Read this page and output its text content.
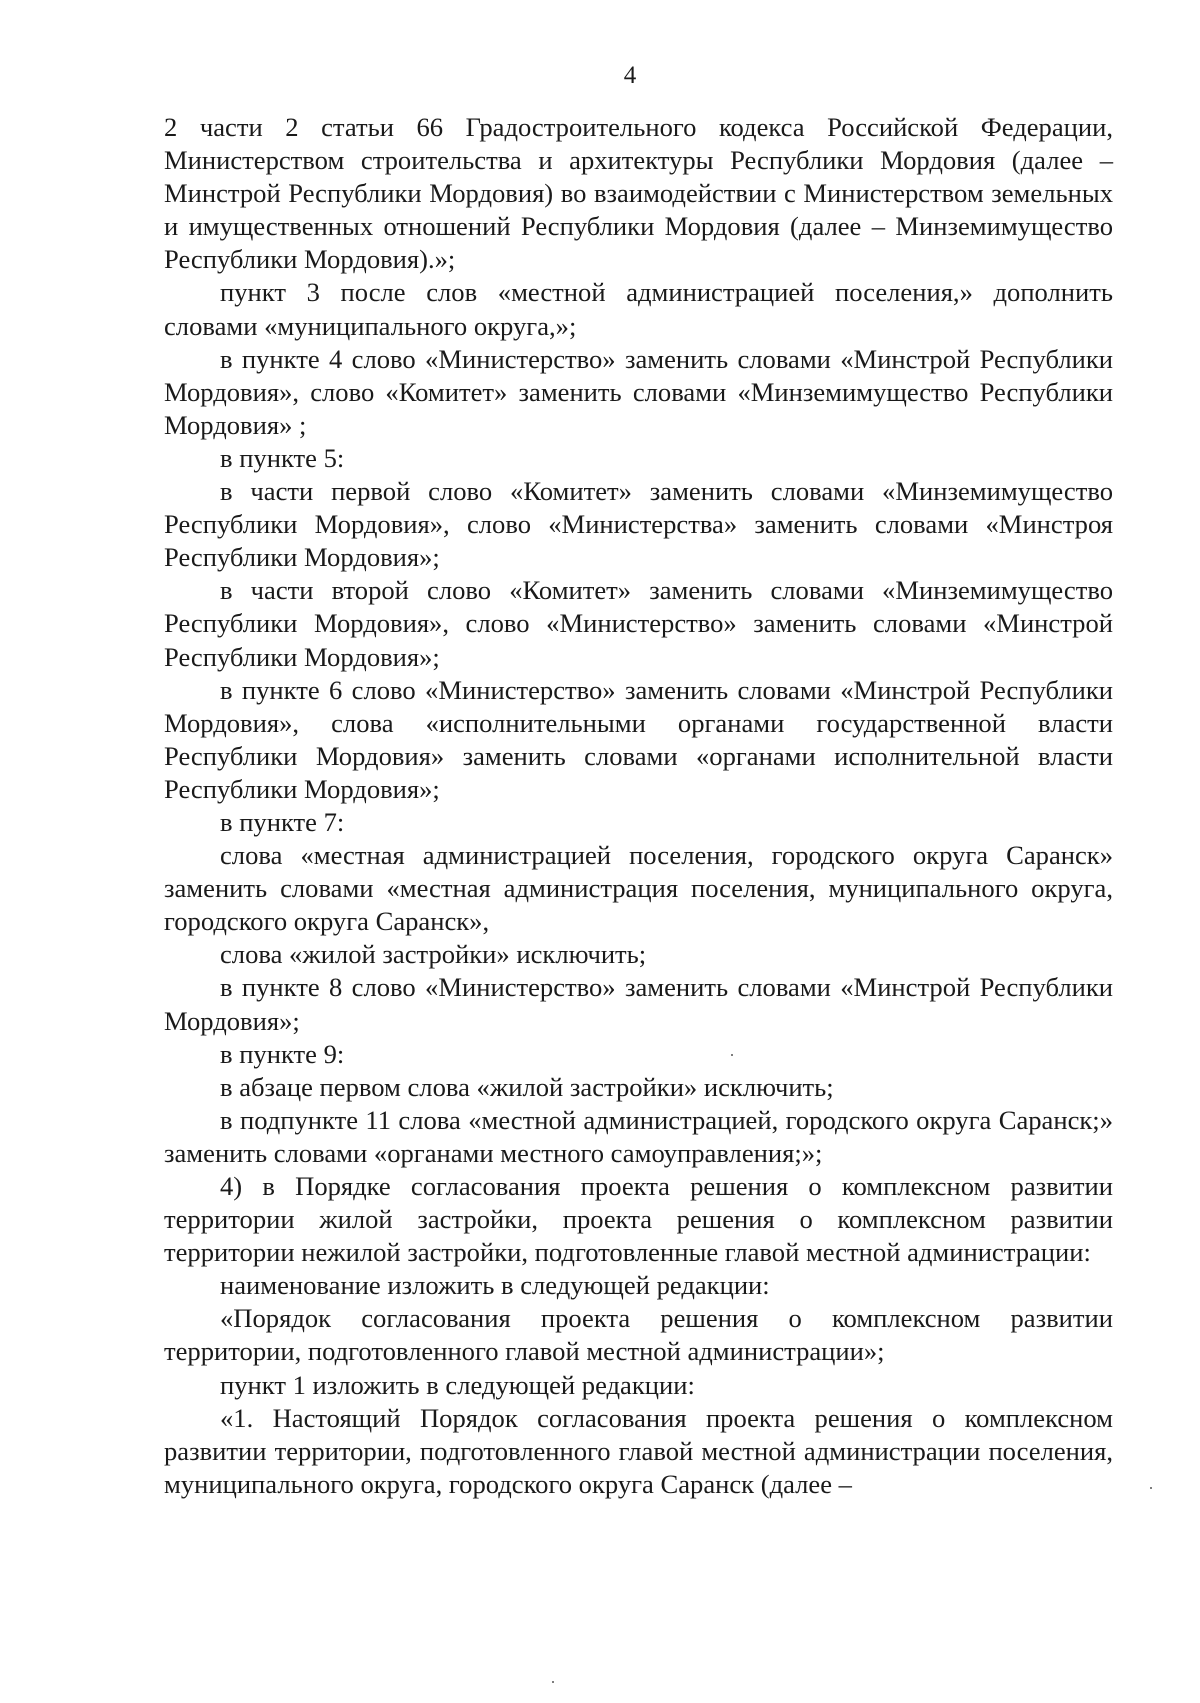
4

2 части 2 статьи 66 Градостроительного кодекса Российской Федерации, Министерством строительства и архитектуры Республики Мордовия (далее – Минстрой Республики Мордовия) во взаимодействии с Министерством земельных и имущественных отношений Республики Мордовия (далее – Минземимущество Республики Мордовия).»;

пункт 3 после слов «местной администрацией поселения,» дополнить словами «муниципального округа,»;

в пункте 4 слово «Министерство» заменить словами «Минстрой Республики Мордовия», слово «Комитет» заменить словами «Минземимущество Республики Мордовия» ;

в пункте 5:

в части первой слово «Комитет» заменить словами «Минземимущество Республики Мордовия», слово «Министерства» заменить словами «Минстроя Республики Мордовия»;

в части второй слово «Комитет» заменить словами «Минземимущество Республики Мордовия», слово «Министерство» заменить словами «Минстрой Республики Мордовия»;

в пункте 6 слово «Министерство» заменить словами «Минстрой Республики Мордовия», слова «исполнительными органами государственной власти Республики Мордовия» заменить словами «органами исполнительной власти Республики Мордовия»;

в пункте 7:

слова «местная администрацией поселения, городского округа Саранск» заменить словами «местная администрация поселения, муниципального округа, городского округа Саранск»,

слова «жилой застройки» исключить;

в пункте 8 слово «Министерство» заменить словами «Минстрой Республики Мордовия»;

в пункте 9:

в абзаце первом слова «жилой застройки» исключить;

в подпункте 11 слова «местной администрацией, городского округа Саранск;» заменить словами «органами местного самоуправления;»;

4) в Порядке согласования проекта решения о комплексном развитии территории жилой застройки, проекта решения о комплексном развитии территории нежилой застройки, подготовленные главой местной администрации:

наименование изложить в следующей редакции:

«Порядок согласования проекта решения о комплексном развитии территории, подготовленного главой местной администрации»;

пункт 1 изложить в следующей редакции:

«1. Настоящий Порядок согласования проекта решения о комплексном развитии территории, подготовленного главой местной администрации поселения, муниципального округа, городского округа Саранск (далее –
